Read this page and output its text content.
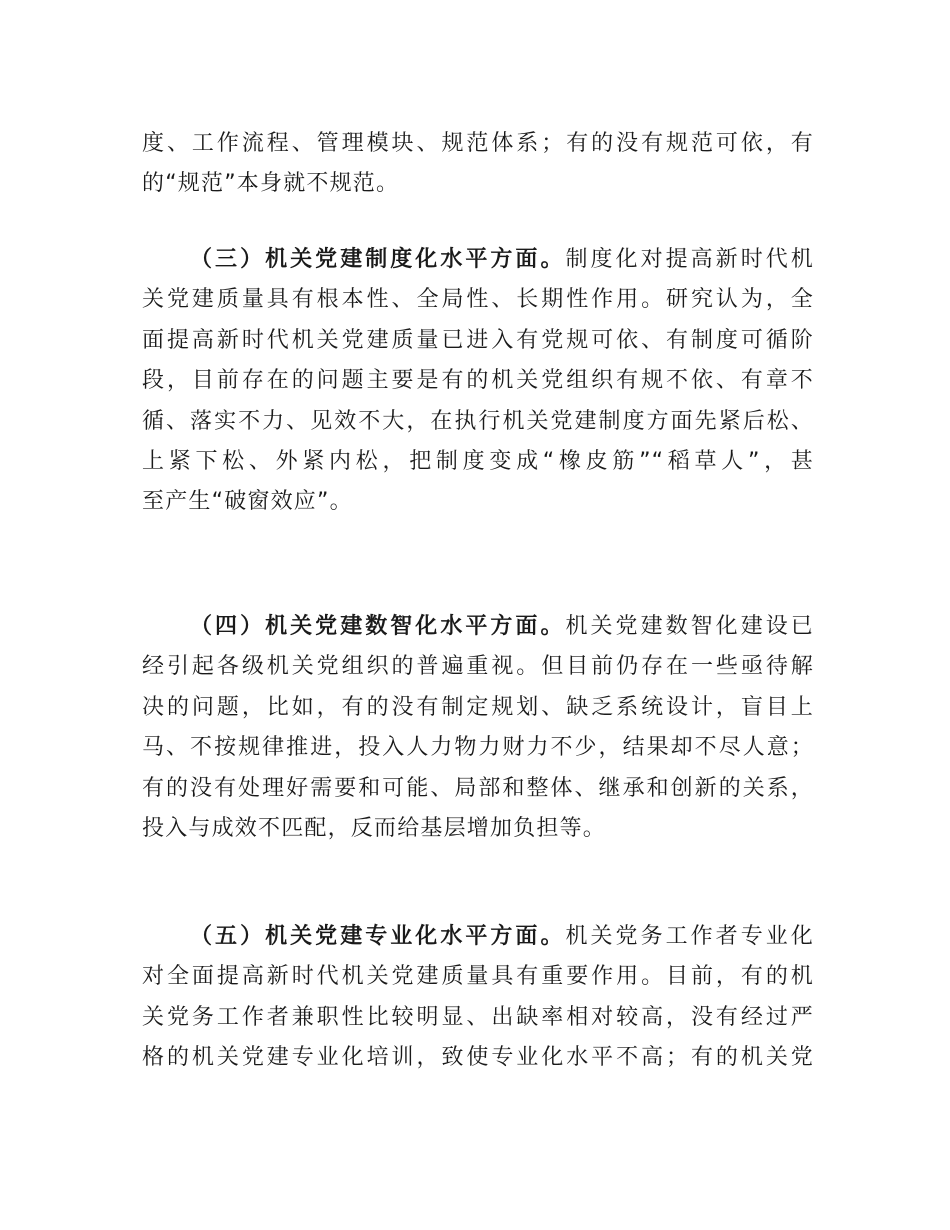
度、工作流程、管理模块、规范体系；有的没有规范可依，有
的“规范”本身就不规范。
（三）机关党建制度化水平方面。制度化对提高新时代机
关党建质量具有根本性、全局性、长期性作用。研究认为，全
面提高新时代机关党建质量已进入有党规可依、有制度可循阶
段，目前存在的问题主要是有的机关党组织有规不依、有章不
循、落实不力、见效不大，在执行机关党建制度方面先紧后松、
上紧下松、外紧内松，把制度变成“橡皮筋”“稻草人”，甚
至产生“破窗效应”。
（四）机关党建数智化水平方面。机关党建数智化建设已
经引起各级机关党组织的普遍重视。但目前仍存在一些亟待解
决的问题，比如，有的没有制定规划、缺乏系统设计，盲目上
马、不按规律推进，投入人力物力财力不少，结果却不尽人意；
有的没有处理好需要和可能、局部和整体、继承和创新的关系，
投入与成效不匹配，反而给基层增加负担等。
（五）机关党建专业化水平方面。机关党务工作者专业化
对全面提高新时代机关党建质量具有重要作用。目前，有的机
关党务工作者兼职性比较明显、出缺率相对较高，没有经过严
格的机关党建专业化培训，致使专业化水平不高；有的机关党
